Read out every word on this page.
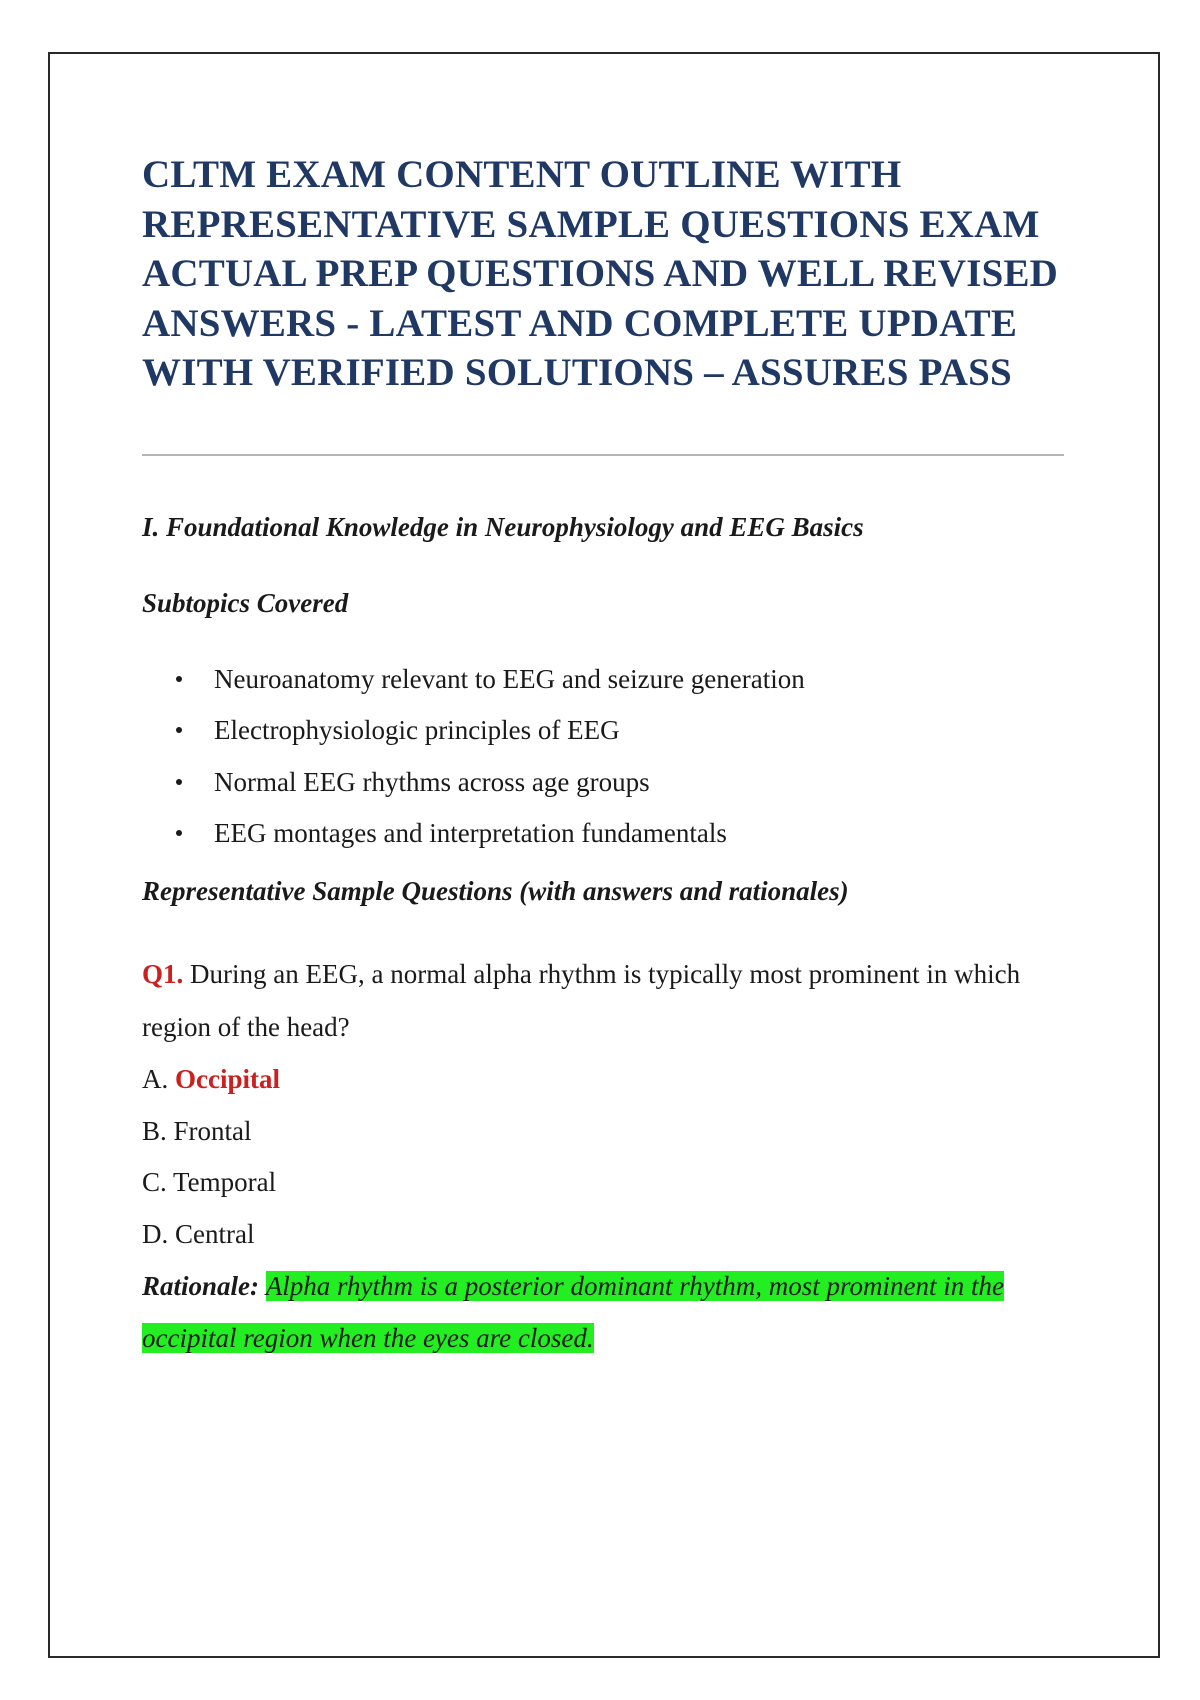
CLTM EXAM CONTENT OUTLINE WITH REPRESENTATIVE SAMPLE QUESTIONS EXAM ACTUAL PREP QUESTIONS AND WELL REVISED ANSWERS - LATEST AND COMPLETE UPDATE WITH VERIFIED SOLUTIONS – ASSURES PASS

I. Foundational Knowledge in Neurophysiology and EEG Basics

Subtopics Covered

Neuroanatomy relevant to EEG and seizure generation
Electrophysiologic principles of EEG
Normal EEG rhythms across age groups
EEG montages and interpretation fundamentals

Representative Sample Questions (with answers and rationales)

Q1. During an EEG, a normal alpha rhythm is typically most prominent in which region of the head?

A. Occipital
B. Frontal
C. Temporal
D. Central

Rationale: Alpha rhythm is a posterior dominant rhythm, most prominent in the occipital region when the eyes are closed.
